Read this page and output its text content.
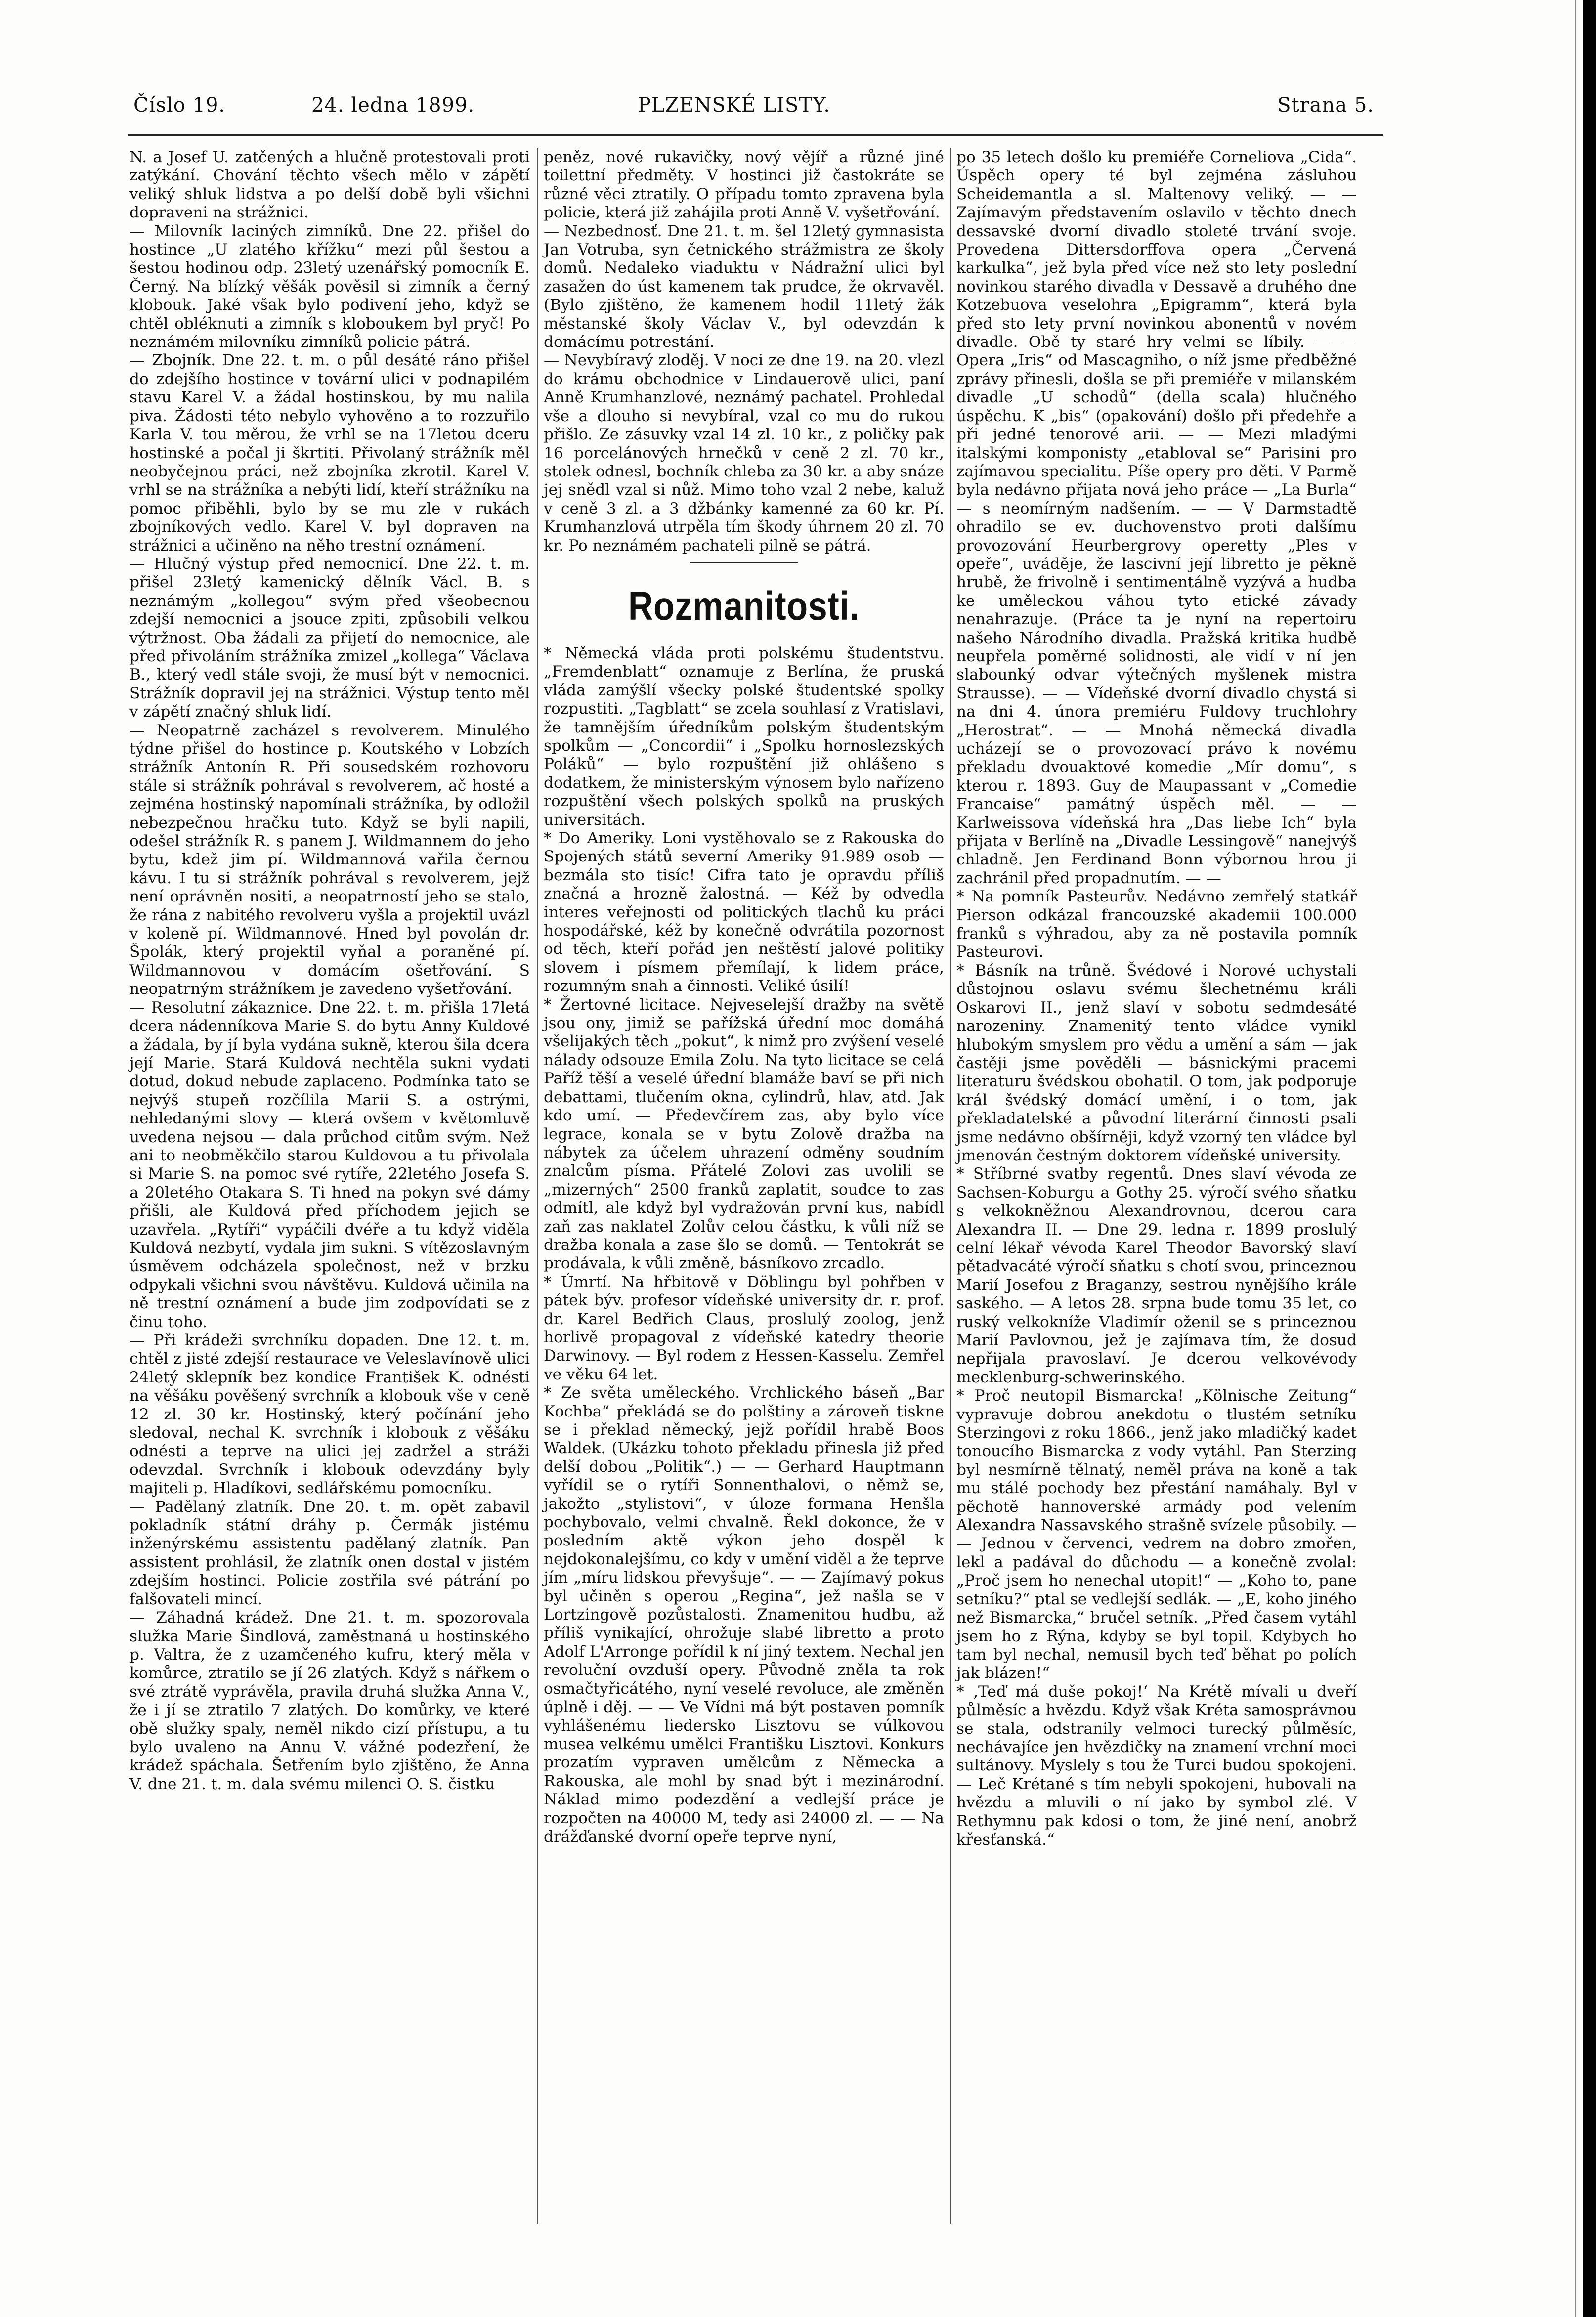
Číslo 19.	24. ledna 1899.	PLZENSKÉ LISTY.	Strana 5.

N. a Josef U. zatčených a hlučně protestovali proti zatýkání. Chování těchto všech mělo v zápětí veliký shluk lidstva a po delší době byli všichni dopraveni na strážnici.

— Milovník laciných zimníků. Dne 22. přišel do hostince „U zlatého křížku“ mezi půl šestou a šestou hodinou odp. 23letý uzenářský pomocník E. Černý. Na blízký věšák pověsil si zimník a černý klobouk. Jaké však bylo podivení jeho, když se chtěl obléknuti a zimník s kloboukem byl pryč! Po neznámém milovníku zimníků policie pátrá.

— Zbojník. Dne 22. t. m. o půl desáté ráno přišel do zdejšího hostince v tovární ulici v podnapilém stavu Karel V. a žádal hostinskou, by mu nalila piva. Žádosti této nebylo vyhověno a to rozzuřilo Karla V. tou měrou, že vrhl se na 17letou dceru hostinské a počal ji škrtiti. Přivolaný strážník měl neobyčejnou práci, než zbojníka zkrotil. Karel V. vrhl se na strážníka a nebýti lidí, kteří strážníku na pomoc přiběhli, bylo by se mu zle v rukách zbojníkových vedlo. Karel V. byl dopraven na strážnici a učiněno na něho trestní oznámení.

— Hlučný výstup před nemocnicí. Dne 22. t. m. přišel 23letý kamenický dělník Václ. B. s neznámým „kollegou“ svým před všeobecnou zdejší nemocnici a jsouce zpiti, způsobili velkou výtržnost. Oba žádali za přijetí do nemocnice, ale před přivoláním strážníka zmizel „kollega“ Václava B., který vedl stále svoji, že musí být v nemocnici. Strážník dopravil jej na strážnici. Výstup tento měl v zápětí značný shluk lidí.

— Neopatrně zacházel s revolverem. Minulého týdne přišel do hostince p. Koutského v Lobzích strážník Antonín R. Při sousedském rozhovoru stále si strážník pohrával s revolverem, ač hosté a zejména hostinský napomínali strážníka, by odložil nebezpečnou hračku tuto. Když se byli napili, odešel strážník R. s panem J. Wildmannem do jeho bytu, kdež jim pí. Wildmannová vařila černou kávu. I tu si strážník pohrával s revolverem, jejž není oprávněn nositi, a neopatrností jeho se stalo, že rána z nabitého revolveru vyšla a projektil uvázl v koleně pí. Wildmannové. Hned byl povolán dr. Špolák, který projektil vyňal a poraněné pí. Wildmannovou v domácím ošetřování. S neopatrným strážníkem je zavedeno vyšetřování.

— Resolutní zákaznice. Dne 22. t. m. přišla 17letá dcera nádenníkova Marie S. do bytu Anny Kuldové a žádala, by jí byla vydána sukně, kterou šila dcera její Marie. Stará Kuldová nechtěla sukni vydati dotud, dokud nebude zaplaceno. Podmínka tato se nejvýš stupeň rozčílila Marii S. a ostrými, nehledanými slovy — která ovšem v květomluvě uvedena nejsou — dala průchod citům svým. Než ani to neobměkčilo starou Kuldovou a tu přivolala si Marie S. na pomoc své rytíře, 22letého Josefa S. a 20letého Otakara S. Ti hned na pokyn své dámy přišli, ale Kuldová před příchodem jejich se uzavřela. „Rytíři“ vypáčili dvéře a tu když viděla Kuldová nezbytí, vydala jim sukni. S vítězoslavným úsměvem odcházela společnost, než v brzku odpykali všichni svou návštěvu. Kuldová učinila na ně trestní oznámení a bude jim zodpovídati se z činu toho.

— Při krádeži svrchníku dopaden. Dne 12. t. m. chtěl z jisté zdejší restaurace ve Veleslavínově ulici 24letý sklepník bez kondice František K. odnésti na věšáku pověšený svrchník a klobouk vše v ceně 12 zl. 30 kr. Hostinský, který počínání jeho sledoval, nechal K. svrchník i klobouk z věšáku odnésti a teprve na ulici jej zadržel a stráži odevzdal. Svrchník i klobouk odevzdány byly majiteli p. Hladíkovi, sedlářskému pomocníku.

— Padělaný zlatník. Dne 20. t. m. opět zabavil pokladník státní dráhy p. Čermák jistému inženýrskému assistentu padělaný zlatník. Pan assistent prohlásil, že zlatník onen dostal v jistém zdejším hostinci. Policie zostřila své pátrání po falšovateli mincí.

— Záhadná krádež. Dne 21. t. m. spozorovala služka Marie Šindlová, zaměstnaná u hostinského p. Valtra, že z uzamčeného kufru, který měla v komůrce, ztratilo se jí 26 zlatých. Když s nářkem o své ztrátě vyprávěla, pravila druhá služka Anna V., že i jí se ztratilo 7 zlatých. Do komůrky, ve které obě služky spaly, neměl nikdo cizí přístupu, a tu bylo uvaleno na Annu V. vážné podezření, že krádež spáchala. Šetřením bylo zjištěno, že Anna V. dne 21. t. m. dala svému milenci O. S. čistku

peněz, nové rukavičky, nový vějíř a různé jiné toilettní předměty. V hostinci již častokráte se různé věci ztratily. O případu tomto zpravena byla policie, která již zahájila proti Anně V. vyšetřování.

— Nezbednosť. Dne 21. t. m. šel 12letý gymnasista Jan Votruba, syn četnického strážmistra ze školy domů. Nedaleko viaduktu v Nádražní ulici byl zasažen do úst kamenem tak prudce, že okrvavěl. (Bylo zjištěno, že kamenem hodil 11letý žák městanské školy Václav V., byl odevzdán k domácímu potrestání.

— Nevybíravý zloděj. V noci ze dne 19. na 20. vlezl do krámu obchodnice v Lindauerově ulici, paní Anně Krumhanzlové, neznámý pachatel. Prohledal vše a dlouho si nevybíral, vzal co mu do rukou přišlo. Ze zásuvky vzal 14 zl. 10 kr., z poličky pak 16 porcelánových hrnečků v ceně 2 zl. 70 kr., stolek odnesl, bochník chleba za 30 kr. a aby snáze jej snědl vzal si nůž. Mimo toho vzal 2 nebe, kaluž v ceně 3 zl. a 3 džbánky kamenné za 60 kr. Pí. Krumhanzlová utrpěla tím škody úhrnem 20 zl. 70 kr. Po neznámém pachateli pilně se pátrá.

Rozmanitosti.

* Německá vláda proti polskému študentstvu. „Fremdenblatt“ oznamuje z Berlína, že pruská vláda zamýšlí všecky polské študentské spolky rozpustiti. „Tagblatt“ se zcela souhlasí z Vratislavi, že tamnějším úředníkům polským študentským spolkům — „Concordii“ i „Spolku hornoslezských Poláků“ — bylo rozpuštění již ohlášeno s dodatkem, že ministerským výnosem bylo nařízeno rozpuštění všech polských spolků na pruských universitách.

* Do Ameriky. Loni vystěhovalo se z Rakouska do Spojených států severní Ameriky 91.989 osob — bezmála sto tisíc! Cifra tato je opravdu příliš značná a hrozně žalostná. — Kéž by odvedla interes veřejnosti od politických tlachů ku práci hospodářské, kéž by konečně odvrátila pozornost od těch, kteří pořád jen neštěstí jalové politiky slovem i písmem přemílají, k lidem práce, rozumným snah a činnosti. Veliké úsilí!

* Žertovné licitace. Nejveselejší dražby na světě jsou ony, jimiž se pařížská úřední moc domáhá všelijakých těch „pokut“, k nimž pro zvýšení veselé nálady odsouze Emila Zolu. Na tyto licitace se celá Paříž těší a veselé úřední blamáže baví se při nich debattami, tlučením okna, cylindrů, hlav, atd. Jak kdo umí. — Předevčírem zas, aby bylo více legrace, konala se v bytu Zolově dražba na nábytek za účelem uhrazení odměny soudním znalcům písma. Přátelé Zolovi zas uvolili se „mizerných“ 2500 franků zaplatit, soudce to zas odmítl, ale když byl vydražován první kus, nabídl zaň zas naklatel Zolův celou částku, k vůli níž se dražba konala a zase šlo se domů. — Tentokrát se prodávala, k vůli změně, básníkovo zrcadlo.

* Úmrtí. Na hřbitově v Döblingu byl pohřben v pátek býv. profesor vídeňské university dr. r. prof. dr. Karel Bedřich Claus, proslulý zoolog, jenž horlivě propagoval z vídeňské katedry theorie Darwinovy. — Byl rodem z Hessen-Kasselu. Zemřel ve věku 64 let.

* Ze světa uměleckého. Vrchlického báseň „Bar Kochba“ překládá se do polštiny a zároveň tiskne se i překlad německý, jejž pořídil hrabě Boos Waldek. (Ukázku tohoto překladu přinesla již před delší dobou „Politik“.) — — Gerhard Hauptmann vyřídil se o rytíři Sonnenthalovi, o němž se, jakožto „stylistovi“, v úloze formana Henšla pochybovalo, velmi chvalně. Řekl dokonce, že v posledním aktě výkon jeho dospěl k nejdokonalejšímu, co kdy v umění viděl a že teprve jím „míru lidskou převyšuje“. — — Zajímavý pokus byl učiněn s operou „Regina“, jež našla se v Lortzingově pozůstalosti. Znamenitou hudbu, až příliš vynikající, ohrožuje slabé libretto a proto Adolf L'Arronge pořídil k ní jiný textem. Nechal jen revoluční ovzduší opery. Původně zněla ta rok osmačtyřicátého, nyní veselé revoluce, ale změněn úplně i děj. — — Ve Vídni má být postaven pomník vyhlášenému liedersko Lisztovu se vúlkovou musea velkému umělci Františku Lisztovi. Konkurs prozatím vypraven umělcům z Německa a Rakouska, ale mohl by snad být i mezinárodní. Náklad mimo podezdění a vedlejší práce je rozpočten na 40000 M, tedy asi 24000 zl. — — Na drážďanské dvorní opeře teprve nyní,

po 35 letech došlo ku premiéře Corneliova „Cida“. Úspěch opery té byl zejména zásluhou Scheidemantla a sl. Maltenovy veliký. — — Zajímavým představením oslavilo v těchto dnech dessavské dvorní divadlo stoleté trvání svoje. Provedena Dittersdorffova opera „Červená karkulka“, jež byla před více než sto lety poslední novinkou starého divadla v Dessavě a druhého dne Kotzebuova veselohra „Epigramm“, která byla před sto lety první novinkou abonentů v novém divadle. Obě ty staré hry velmi se líbily. — — Opera „Iris“ od Mascagniho, o níž jsme předběžné zprávy přinesli, došla se při premiéře v milanském divadle „U schodů“ (della scala) hlučného úspěchu. K „bis“ (opakování) došlo při předehře a při jedné tenorové arii. — — Mezi mladými italskými komponisty „etabloval se“ Parisini pro zajímavou specialitu. Píše opery pro děti. V Parmě byla nedávno přijata nová jeho práce — „La Burla“ — s neomírným nadšením. — — V Darmstadtě ohradilo se ev. duchovenstvo proti dalšímu provozování Heurbergrovy operetty „Ples v opeře“, uváděje, že lascivní její libretto je pěkně hrubě, že frivolně i sentimentálně vyzývá a hudba ke uměleckou váhou tyto etické závady nenahrazuje. (Práce ta je nyní na repertoiru našeho Národního divadla. Pražská kritika hudbě neupřela poměrné solidnosti, ale vidí v ní jen slabounký odvar výtečných myšlenek mistra Strausse). — — Vídeňské dvorní divadlo chystá si na dni 4. února premiéru Fuldovy truchlohry „Herostrat“. — — Mnohá německá divadla ucházejí se o provozovací právo k novému překladu dvouaktové komedie „Mír domu“, s kterou r. 1893. Guy de Maupassant v „Comedie Francaise“ památný úspěch měl. — — Karlweissova vídeňská hra „Das liebe Ich“ byla přijata v Berlíně na „Divadle Lessingově“ nanejvýš chladně. Jen Ferdinand Bonn výbornou hrou ji zachránil před propadnutím. — —

* Na pomník Pasteurův. Nedávno zemřelý statkář Pierson odkázal francouzské akademii 100.000 franků s výhradou, aby za ně postavila pomník Pasteurovi.

* Básník na trůně. Švédové i Norové uchystali důstojnou oslavu svému šlechetnému králi Oskarovi II., jenž slaví v sobotu sedmdesáté narozeniny. Znamenitý tento vládce vynikl hlubokým smyslem pro vědu a umění a sám — jak častěji jsme pověděli — básnickými pracemi literaturu švédskou obohatil. O tom, jak podporuje král švédský domácí umění, i o tom, jak překladatelské a původní literární činnosti psali jsme nedávno obšírněji, když vzorný ten vládce byl jmenován čestným doktorem vídeňské university.

* Stříbrné svatby regentů. Dnes slaví vévoda ze Sachsen-Koburgu a Gothy 25. výročí svého sňatku s velkokněžnou Alexandrovnou, dcerou cara Alexandra II. — Dne 29. ledna r. 1899 proslulý celní lékař vévoda Karel Theodor Bavorský slaví pětadvacáté výročí sňatku s chotí svou, princeznou Marií Josefou z Braganzy, sestrou nynějšího krále saského. — A letos 28. srpna bude tomu 35 let, co ruský velkokníže Vladimír oženil se s princeznou Marií Pavlovnou, jež je zajímava tím, že dosud nepřijala pravoslaví. Je dcerou velkovévody mecklenburg-schwerinského.

* Proč neutopil Bismarcka! „Kölnische Zeitung“ vypravuje dobrou anekdotu o tlustém setníku Sterzingovi z roku 1866., jenž jako mladičký kadet tonoucího Bismarcka z vody vytáhl. Pan Sterzing byl nesmírně tělnatý, neměl práva na koně a tak mu stálé pochody bez přestání namáhaly. Byl v pěchotě hannoverské armády pod velením Alexandra Nassavského strašně svízele působily. — — Jednou v červenci, vedrem na dobro zmořen, lekl a padával do důchodu — a konečně zvolal: „Proč jsem ho nenechal utopit!“ — „Koho to, pane setníku?“ ptal se vedlejší sedlák. — „E, koho jiného než Bismarcka,“ bručel setník. „Před časem vytáhl jsem ho z Rýna, kdyby se byl topil. Kdybych ho tam byl nechal, nemusil bych teď běhat po polích jak blázen!“

* ‚Teď má duše pokoj!‘ Na Krétě mívali u dveří půlměsíc a hvězdu. Když však Kréta samosprávnou se stala, odstranily velmoci turecký půlměsíc, nechávajíce jen hvězdičky na znamení vrchní moci sultánovy. Myslely s tou že Turci budou spokojeni. — Leč Krétané s tím nebyli spokojeni, hubovali na hvězdu a mluvili o ní jako by symbol zlé. V Rethymnu pak kdosi o tom, že jiné není, anobrž křesťanská.“
